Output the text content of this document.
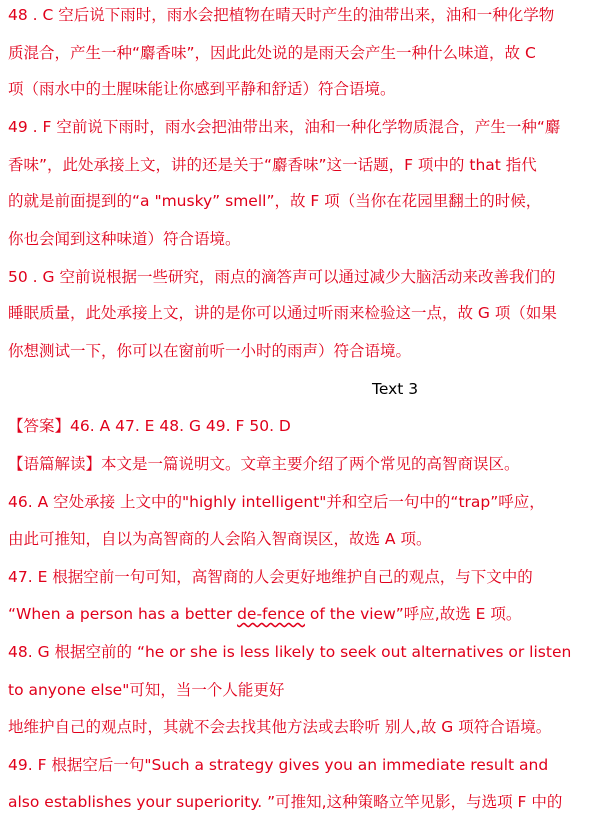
48 . C 空后说下雨时，雨水会把植物在晴天时产生的油带出来，油和一种化学物
质混合，产生一种“麝香味”，因此此处说的是雨天会产生一种什么味道，故 C
项（雨水中的土腥味能让你感到平静和舒适）符合语境。
49 . F 空前说下雨时，雨水会把油带出来，油和一种化学物质混合，产生一种“麝
香味”，此处承接上文，讲的还是关于“麝香味”这一话题，F 项中的 that 指代
的就是前面提到的“a "musky” smell”，故 F 项（当你在花园里翻土的时候，
你也会闻到这种味道）符合语境。
50 . G 空前说根据一些研究，雨点的滴答声可以通过减少大脑活动来改善我们的
睡眠质量，此处承接上文，讲的是你可以通过听雨来检验这一点，故 G 项（如果
你想测试一下，你可以在窗前听一小时的雨声）符合语境。
Text 3
【答案】46. A 47. E 48. G 49. F 50. D
【语篇解读】本文是一篇说明文。文章主要介绍了两个常见的高智商误区。
46. A 空处承接 上文中的"highly intelligent"并和空后一句中的“trap”呼应，
由此可推知，自以为高智商的人会陷入智商误区，故选 A 项。
47. E 根据空前一句可知，高智商的人会更好地维护自己的观点，与下文中的
“When a person has a better de-fence of the view”呼应,故选 E 项。
48. G 根据空前的 “he or she is less likely to seek out alternatives or listen
to anyone else"可知，当一个人能更好
地维护自己的观点时，其就不会去找其他方法或去聆听 别人,故 G 项符合语境。
49. F 根据空后一句"Such a strategy gives you an immediate result and
also establishes your superiority. ”可推知,这种策略立竿见影，与选项 F 中的
